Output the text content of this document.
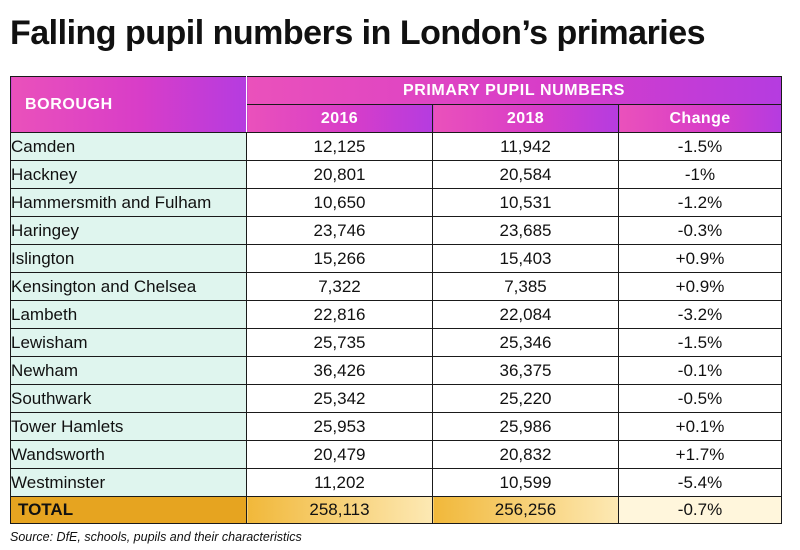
Falling pupil numbers in London’s primaries
BOROUGH	PRIMARY PUPIL NUMBERS		
	2016	2018	Change
Camden	12,125	11,942	-1.5%
Hackney	20,801	20,584	-1%
Hammersmith and Fulham	10,650	10,531	-1.2%
Haringey	23,746	23,685	-0.3%
Islington	15,266	15,403	+0.9%
Kensington and Chelsea	7,322	7,385	+0.9%
Lambeth	22,816	22,084	-3.2%
Lewisham	25,735	25,346	-1.5%
Newham	36,426	36,375	-0.1%
Southwark	25,342	25,220	-0.5%
Tower Hamlets	25,953	25,986	+0.1%
Wandsworth	20,479	20,832	+1.7%
Westminster	11,202	10,599	-5.4%
TOTAL	258,113	256,256	-0.7%
Source: DfE, schools, pupils and their characteristics
